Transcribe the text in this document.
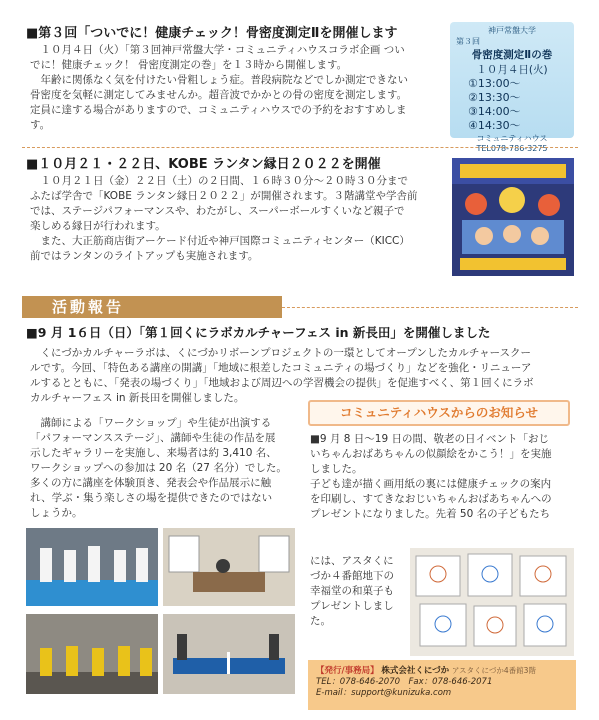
■第３回「ついでに！健康チェック！骨密度測定Ⅱを開催します
　１０月４日（火）「第３回神戸常盤大学・コミュニティハウスコラボ企画 つい
でに！健康チェック！ 骨密度測定の巻」を１３時から開催します。
　年齢に関係なく気を付けたい骨粗しょう症。普段病院などでしか測定できない
骨密度を気軽に測定してみませんか。超音波でかかとの骨の密度を測定します。
定員に達する場合がありますので、コミュニティハウスでの予約をおすすめしま
す。
神戸常盤大学
第３回
骨密度測定Ⅱの巻
１０月４日(火)
①13:00～
②13:30～
③14:00～
④14:30～
コミュニティハウス
TEL078-786-3275
■１０月２１・２２日、KOBE ランタン縁日２０２２を開催
　１０月２１日（金）２２日（土）の２日間、１６時３０分～２０時３０分まで
ふたば学舎で「KOBE ランタン縁日２０２２」が開催されます。３階講堂や学舎前
では、ステージパフォーマンスや、わたがし、スーパーボールすくいなど親子で
楽しめる縁日が行われます。
　また、大正筋商店街アーケード付近や神戸国際コミュニティセンター（KICC）
前ではランタンのライトアップも実施されます。
活動報告
■9 月 1６日（日）「第１回くにラボカルチャーフェス in 新長田」を開催しました
　くにづかカルチャーラボは、くにづかリボーンプロジェクトの一環としてオープンしたカルチャースクー
ルです。今回、「特色ある講座の開講」「地域に根差したコミュニティの場づくり」などを強化・リニューア
ルするとともに、「発表の場づくり」「地域および周辺への学習機会の提供」を促進すべく、第１回くにラボ
カルチャーフェス in 新長田を開催しました。
　講師による「ワークショップ」や生徒が出演する
「パフォーマンスステージ」、講師や生徒の作品を展
示したギャラリーを実施し、来場者は約 3,410 名、
ワークショップへの参加は 20 名（27 名分）でした。
多くの方に講座を体験頂き、発表会や作品展示に触
れ、学ぶ・集う楽しさの場を提供できたのではない
しょうか。
コミュニティハウスからのお知らせ
■9 月 8 日～19 日の間、敬老の日イベント「おじ
いちゃんおばあちゃんの似顔絵をかこう！」を実施
しました。
子ども達が描く画用紙の裏には健康チェックの案内
を印刷し、すてきなおじいちゃんおばあちゃんへの
プレゼントになりました。先着 50 名の子どもたち
には、アスタくに
づか４番館地下の
幸福堂の和菓子も
プレゼントしまし
た。
【発行/事務局】 株式会社くにづか アスタくにづか4番館3階
TEL：078-646-2070　Fax：078-646-2071
E-mail：support@kunizuka.com
